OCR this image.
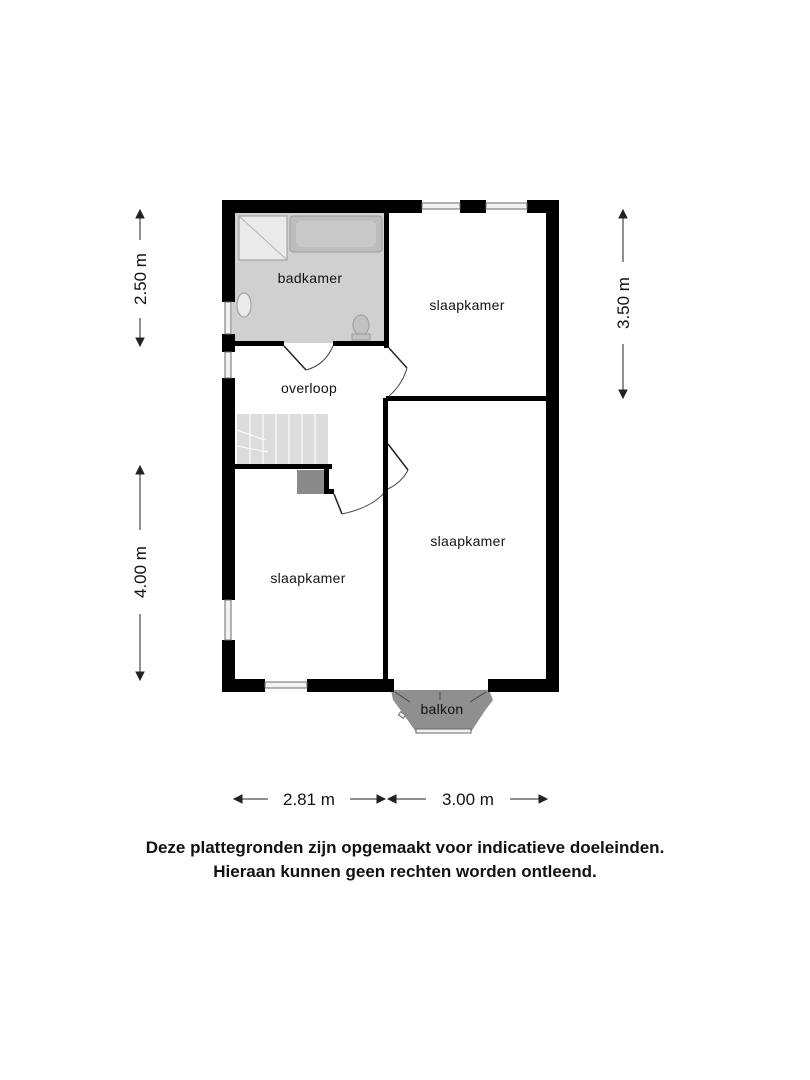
badkamer
slaapkamer
overloop
slaapkamer
slaapkamer
balkon
2.50 m
4.00 m
3.50 m
2.81 m	3.00 m
Deze plattegronden zijn opgemaakt voor indicatieve doeleinden.
Hieraan kunnen geen rechten worden ontleend.
